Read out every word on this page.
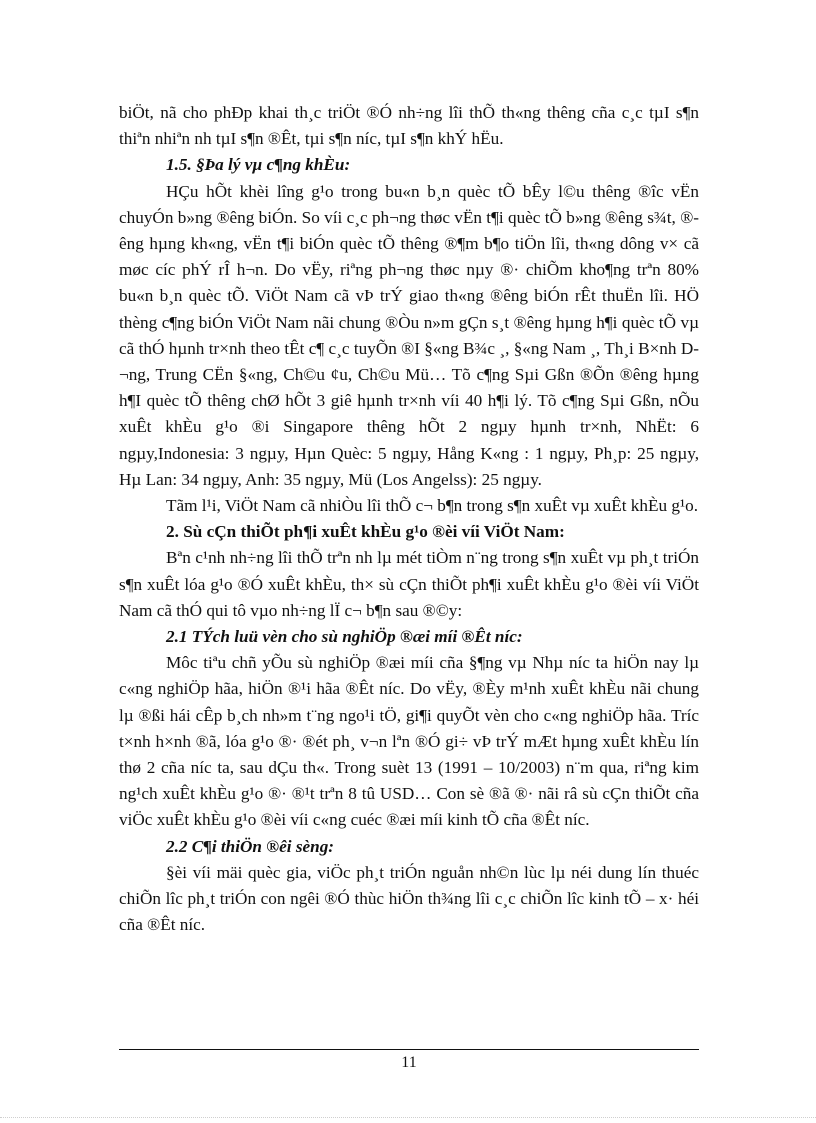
biÖt, nã cho phÐp khai th¸c triÖt ®Ó nh÷ng lîi thÕ th«ng thêng cña c¸c tµI s¶n thiªn nhiªn nh tµI s¶n ®Êt, tµi s¶n níc, tµI s¶n khÝ hËu.

1.5. §Þa lý vµ c¶ng khÈu:

HÇu hÕt khèi lîng g¹o trong bu«n b¸n quèc tÕ bÊy l©u thêng ®îc vËn chuyÓn b»ng ®êng biÓn. So víi c¸c ph¬ng thøc vËn t¶i quèc tÕ b»ng ®êng s¾t, ®êng hµng kh«ng, vËn t¶i biÓn quèc tÕ thêng ®¶m b¶o tiÖn lîi, th«ng dông v× cã møc cíc phÝ rÎ h¬n. Do vËy, riªng ph¬ng thøc nµy ®· chiÕm kho¶ng trªn 80% bu«n b¸n quèc tÕ. ViÖt Nam cã vÞ trÝ giao th«ng ®êng biÓn rÊt thuËn lîi. HÖ thèng c¶ng biÓn ViÖt Nam nãi chung ®Òu n»m gÇn s¸t ®êng hµng h¶i quèc tÕ vµ cã thÓ hµnh tr×nh theo tÊt c¶ c¸c tuyÕn ®I §«ng B¾c ¸, §«ng Nam ¸, Th¸i B×nh D¬ng, Trung CËn §«ng, Ch©u ¢u, Ch©u Mü… Tõ c¶ng Sµi Gßn ®Õn ®êng hµng h¶I quèc tÕ thêng chØ hÕt 3 giê hµnh tr×nh víi 40 h¶i lý. Tõ c¶ng Sµi Gßn, nÕu xuÊt khÈu g¹o ®i Singapore thêng hÕt 2 ngµy hµnh tr×nh, NhËt: 6 ngµy,Indonesia: 3 ngµy, Hµn Quèc: 5 ngµy, Hång K«ng : 1 ngµy, Ph¸p: 25 ngµy, Hµ Lan: 34 ngµy, Anh: 35 ngµy, Mü (Los Angelss): 25 ngµy.

Tãm l¹i, ViÖt Nam cã nhiÒu lîi thÕ c¬ b¶n trong s¶n xuÊt vµ xuÊt khÈu g¹o.

2. Sù cÇn thiÕt ph¶i xuÊt khÈu g¹o ®èi víi ViÖt Nam:

Bªn c¹nh nh÷ng lîi thÕ trªn nh lµ mét tiÒm n¨ng trong s¶n xuÊt vµ ph¸t triÓn s¶n xuÊt lóa g¹o ®Ó xuÊt khÈu, th× sù cÇn thiÕt ph¶i xuÊt khÈu g¹o ®èi víi ViÖt Nam cã thÓ qui tô vµo nh÷ng lÏ c¬ b¶n sau ®©y:

2.1 TÝch luü vèn cho sù nghiÖp ®æi míi ®Êt níc:

Môc tiªu chñ yÕu sù nghiÖp ®æi míi cña §¶ng vµ Nhµ níc ta hiÖn nay lµ c«ng nghiÖp hãa, hiÖn ®¹i hãa ®Êt níc. Do vËy, ®Èy m¹nh xuÊt khÈu nãi chung lµ ®ßi hái cÊp b¸ch nh»m t¨ng ngo¹i tÖ, gi¶i quyÕt vèn cho c«ng nghiÖp hãa. Tríc t×nh h×nh ®ã, lóa g¹o ®· ®ét ph¸ v¬n lªn ®Ó gi÷ vÞ trÝ mÆt hµng xuÊt khÈu lín thø 2 cña níc ta, sau dÇu th«. Trong suèt 13 (1991 – 10/2003) n¨m qua, riªng kim ng¹ch xuÊt khÈu g¹o ®· ®¹t trªn 8 tû USD… Con sè ®ã ®· nãi râ sù cÇn thiÕt cña viÖc xuÊt khÈu g¹o ®èi víi c«ng cuéc ®æi míi kinh tÕ cña ®Êt níc.

2.2 C¶i thiÖn ®êi sèng:

§èi víi mäi quèc gia, viÖc ph¸t triÓn nguån nh©n lùc lµ néi dung lín thuéc chiÕn lîc ph¸t triÓn con ngêi ®Ó thùc hiÖn th¾ng lîi c¸c chiÕn lîc kinh tÕ – x· héi cña ®Êt níc.

11
